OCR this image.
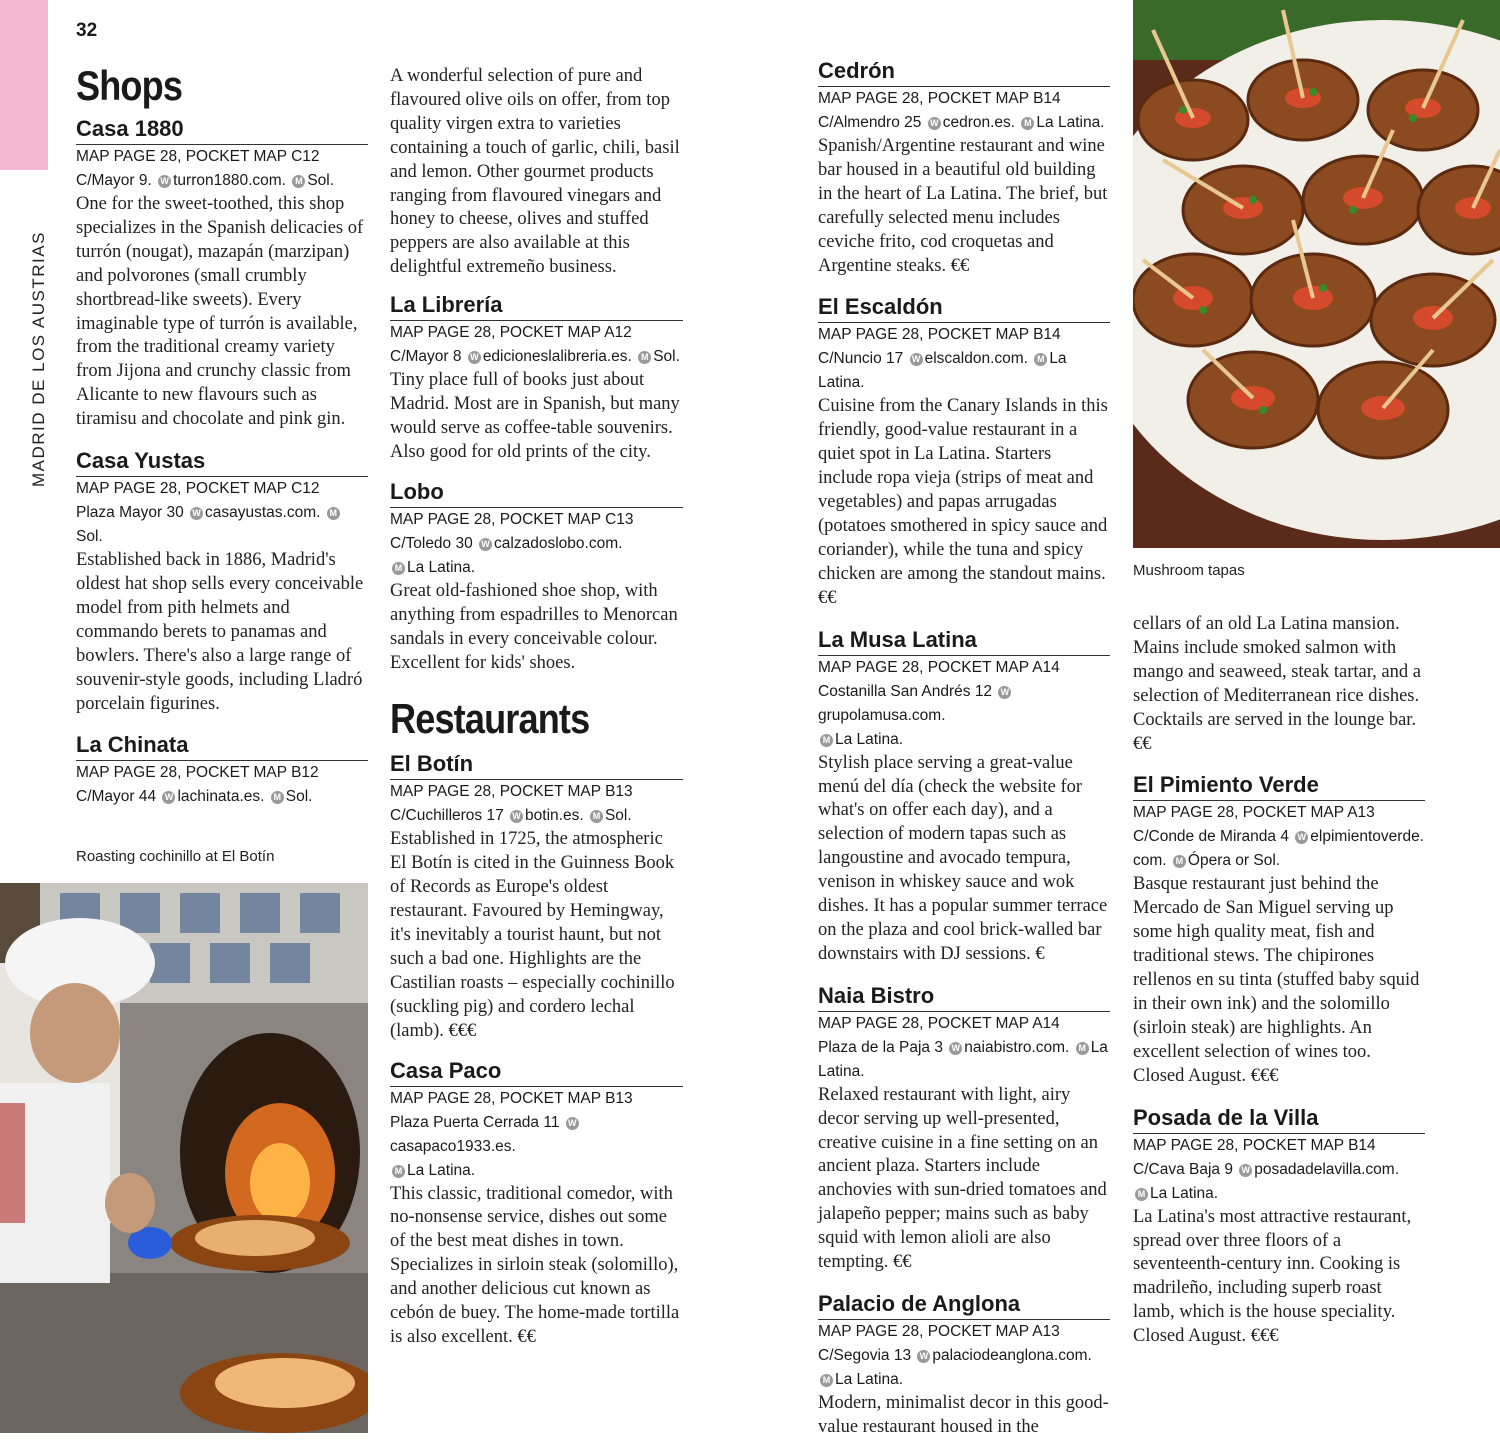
32
MADRID DE LOS AUSTRIAS
Shops
Casa 1880

MAP PAGE 28, POCKET MAP C12

C/Mayor 9. W turron1880.com. M Sol.

One for the sweet-toothed, this shop specializes in the Spanish delicacies of turrón (nougat), mazapán (marzipan) and polvorones (small crumbly shortbread-like sweets). Every imaginable type of turrón is available, from the traditional creamy variety from Jijona and crunchy classic from Alicante to new flavours such as tiramisu and chocolate and pink gin.

Casa Yustas

MAP PAGE 28, POCKET MAP C12

Plaza Mayor 30 W casayustas.com. MSol.

Established back in 1886, Madrid's oldest hat shop sells every conceivable model from pith helmets and commando berets to panamas and bowlers. There's also a large range of souvenir-style goods, including Lladró porcelain figurines.

La Chinata

MAP PAGE 28, POCKET MAP B12

C/Mayor 44 W lachinata.es. M Sol.

Roasting cochinillo at El Botín

A wonderful selection of pure and flavoured olive oils on offer, from top quality virgen extra to varieties containing a touch of garlic, chili, basil and lemon. Other gourmet products ranging from flavoured vinegars and honey to cheese, olives and stuffed peppers are also available at this delightful extremeño business.

La Librería

MAP PAGE 28, POCKET MAP A12

C/Mayor 8 W edicioneslalibreria.es. M Sol.

Tiny place full of books just about Madrid. Most are in Spanish, but many would serve as coffee-table souvenirs. Also good for old prints of the city.

Lobo

MAP PAGE 28, POCKET MAP C13

C/Toledo 30 W calzadoslobo.com.
M La Latina.

Great old-fashioned shoe shop, with anything from espadrilles to Menorcan sandals in every conceivable colour. Excellent for kids' shoes.

Restaurants
El Botín

MAP PAGE 28, POCKET MAP B13

C/Cuchilleros 17 W botin.es. M Sol.

Established in 1725, the atmospheric El Botín is cited in the Guinness Book of Records as Europe's oldest restaurant. Favoured by Hemingway, it's inevitably a tourist haunt, but not such a bad one. Highlights are the Castilian roasts – especially cochinillo (suckling pig) and cordero lechal (lamb). €€€

Casa Paco

MAP PAGE 28, POCKET MAP B13

Plaza Puerta Cerrada 11 Wcasapaco1933.es.
M La Latina.

This classic, traditional comedor, with no-nonsense service, dishes out some of the best meat dishes in town. Specializes in sirloin steak (solomillo), and another delicious cut known as cebón de buey. The home-made tortilla is also excellent. €€

Cedrón

MAP PAGE 28, POCKET MAP B14

C/Almendro 25 W cedron.es. M La Latina.

Spanish/Argentine restaurant and wine bar housed in a beautiful old building in the heart of La Latina. The brief, but carefully selected menu includes ceviche frito, cod croquetas and Argentine steaks. €€

El Escaldón

MAP PAGE 28, POCKET MAP B14

C/Nuncio 17 W elscaldon.com. M La Latina.

Cuisine from the Canary Islands in this friendly, good-value restaurant in a quiet spot in La Latina. Starters include ropa vieja (strips of meat and vegetables) and papas arrugadas (potatoes smothered in spicy sauce and coriander), while the tuna and spicy chicken are among the standout mains. €€

La Musa Latina

MAP PAGE 28, POCKET MAP A14

Costanilla San Andrés 12 Wgrupolamusa.com.
M La Latina.

Stylish place serving a great-value menú del día (check the website for what's on offer each day), and a selection of modern tapas such as langoustine and avocado tempura, venison in whiskey sauce and wok dishes. It has a popular summer terrace on the plaza and cool brick-walled bar downstairs with DJ sessions. €

Naia Bistro

MAP PAGE 28, POCKET MAP A14

Plaza de la Paja 3 W naiabistro.com. M La Latina.

Relaxed restaurant with light, airy decor serving up well-presented, creative cuisine in a fine setting on an ancient plaza. Starters include anchovies with sun-dried tomatoes and jalapeño pepper; mains such as baby squid with lemon alioli are also tempting. €€

Palacio de Anglona

MAP PAGE 28, POCKET MAP A13

C/Segovia 13 W palaciodeanglona.com.
M La Latina.

Modern, minimalist decor in this good-value restaurant housed in the

Mushroom tapas

cellars of an old La Latina mansion. Mains include smoked salmon with mango and seaweed, steak tartar, and a selection of Mediterranean rice dishes. Cocktails are served in the lounge bar. €€

El Pimiento Verde

MAP PAGE 28, POCKET MAP A13

C/Conde de Miranda 4 W elpimientoverde.
com. M Ópera or Sol.

Basque restaurant just behind the Mercado de San Miguel serving up some high quality meat, fish and traditional stews. The chipirones rellenos en su tinta (stuffed baby squid in their own ink) and the solomillo (sirloin steak) are highlights. An excellent selection of wines too. Closed August. €€€

Posada de la Villa

MAP PAGE 28, POCKET MAP B14

C/Cava Baja 9 W posadadelavilla.com.
M La Latina.

La Latina's most attractive restaurant, spread over three floors of a seventeenth-century inn. Cooking is madrileño, including superb roast lamb, which is the house speciality. Closed August. €€€
